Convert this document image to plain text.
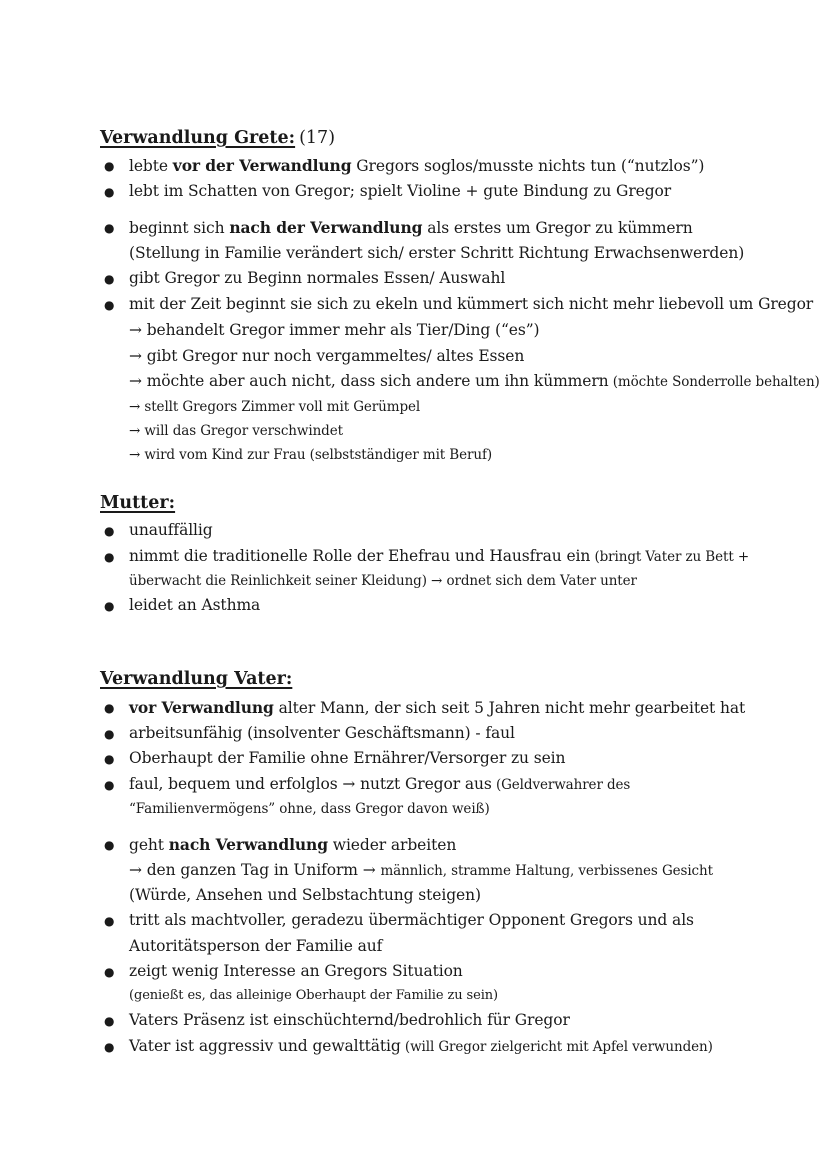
Verwandlung Grete: (17)
● lebte vor der Verwandlung Gregors soglos/musste nichts tun (“nutzlos”)
● lebt im Schatten von Gregor; spielt Violine + gute Bindung zu Gregor
● beginnt sich nach der Verwandlung als erstes um Gregor zu kümmern
(Stellung in Familie verändert sich/ erster Schritt Richtung Erwachsenwerden)
● gibt Gregor zu Beginn normales Essen/ Auswahl
● mit der Zeit beginnt sie sich zu ekeln und kümmert sich nicht mehr liebevoll um Gregor
→ behandelt Gregor immer mehr als Tier/Ding (“es”)
→ gibt Gregor nur noch vergammeltes/ altes Essen
→ möchte aber auch nicht, dass sich andere um ihn kümmern (möchte Sonderrolle behalten)
→ stellt Gregors Zimmer voll mit Gerümpel
→ will das Gregor verschwindet
→ wird vom Kind zur Frau (selbstständiger mit Beruf)
Mutter:
● unauffällig
● nimmt die traditionelle Rolle der Ehefrau und Hausfrau ein (bringt Vater zu Bett +
überwacht die Reinlichkeit seiner Kleidung) → ordnet sich dem Vater unter
● leidet an Asthma
Verwandlung Vater:
● vor Verwandlung alter Mann, der sich seit 5 Jahren nicht mehr gearbeitet hat
● arbeitsunfähig (insolventer Geschäftsmann) - faul
● Oberhaupt der Familie ohne Ernährer/Versorger zu sein
● faul, bequem und erfolglos → nutzt Gregor aus (Geldverwahrer des
“Familienvermögens” ohne, dass Gregor davon weiß)
● geht nach Verwandlung wieder arbeiten
→ den ganzen Tag in Uniform → männlich, stramme Haltung, verbissenes Gesicht
(Würde, Ansehen und Selbstachtung steigen)
● tritt als machtvoller, geradezu übermächtiger Opponent Gregors und als
Autoritätsperson der Familie auf
● zeigt wenig Interesse an Gregors Situation
(genießt es, das alleinige Oberhaupt der Familie zu sein)
● Vaters Präsenz ist einschüchternd/bedrohlich für Gregor
● Vater ist aggressiv und gewalttätig (will Gregor zielgericht mit Apfel verwunden)
